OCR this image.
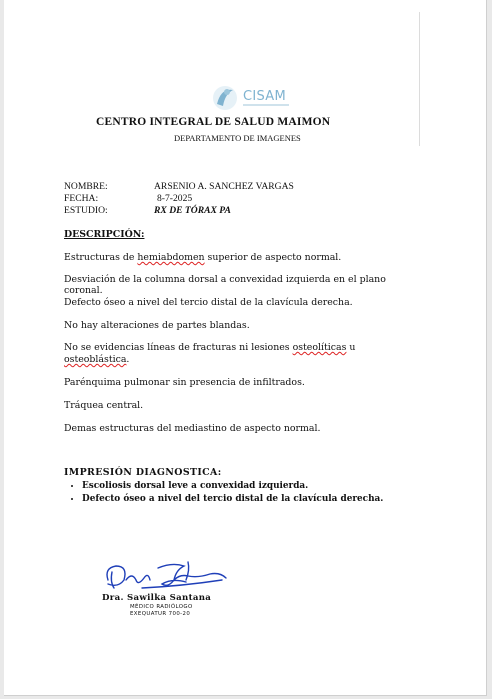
CISAM
CENTRO INTEGRAL DE SALUD MAIMON
DEPARTAMENTO DE IMAGENES
NOMBRE:	ARSENIO A. SANCHEZ VARGAS
FECHA:	8-7-2025
ESTUDIO:	RX DE TÓRAX PA
DESCRIPCIÓN:
Estructuras de hemiabdomen superior de aspecto normal.
Desviación de la columna dorsal a convexidad izquierda en el plano
coronal.
Defecto óseo a nivel del tercio distal de la clavícula derecha.
No hay alteraciones de partes blandas.
No se evidencias líneas de fracturas ni lesiones osteolíticas u
osteoblástica.
Parénquima pulmonar sin presencia de infiltrados.
Tráquea central.
Demas estructuras del mediastino de aspecto normal.
IMPRESIÓN DIAGNOSTICA:
• Escoliosis dorsal leve a convexidad izquierda.
• Defecto óseo a nivel del tercio distal de la clavícula derecha.
Dra. Sawilka Santana
MÉDICO RADIÓLOGO
EXEQUATUR 700-20
